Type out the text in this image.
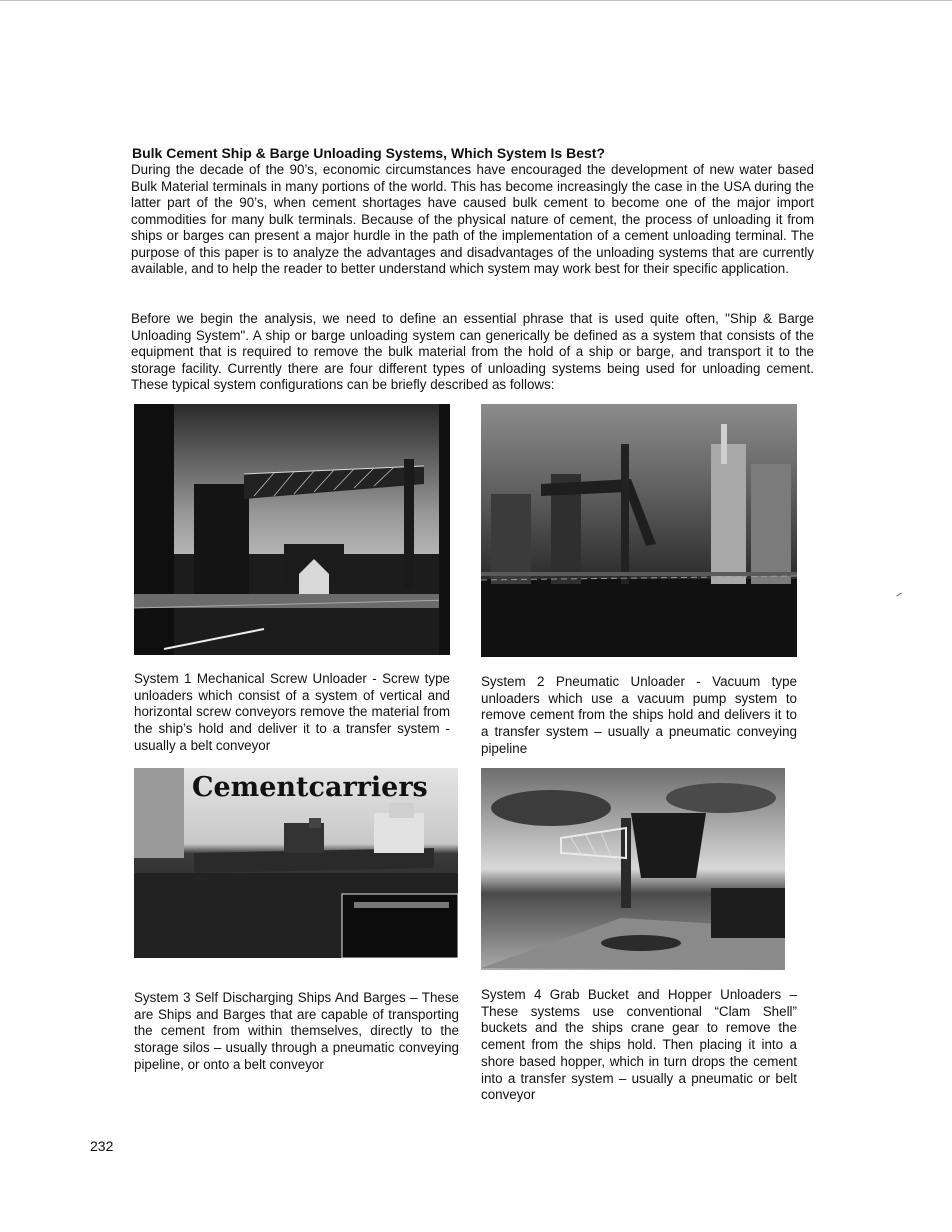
Bulk Cement Ship & Barge Unloading Systems, Which System Is Best?

During the decade of the 90’s, economic circumstances have encouraged the development of new water based Bulk Material terminals in many portions of the world. This has become increasingly the case in the USA during the latter part of the 90’s, when cement shortages have caused bulk cement to become one of the major import commodities for many bulk terminals. Because of the physical nature of cement, the process of unloading it from ships or barges can present a major hurdle in the path of the implementation of a cement unloading terminal. The purpose of this paper is to analyze the advantages and disadvantages of the unloading systems that are currently available, and to help the reader to better understand which system may work best for their specific application.

Before we begin the analysis, we need to define an essential phrase that is used quite often, "Ship & Barge Unloading System". A ship or barge unloading system can generically be defined as a system that consists of the equipment that is required to remove the bulk material from the hold of a ship or barge, and transport it to the storage facility. Currently there are four different types of unloading systems being used for unloading cement. These typical system configurations can be briefly described as follows:

Cementcarriers

System 1 Mechanical Screw Unloader - Screw type unloaders which consist of a system of vertical and horizontal screw conveyors remove the material from the ship’s hold and deliver it to a transfer system - usually a belt conveyor

System 2 Pneumatic Unloader - Vacuum type unloaders which use a vacuum pump system to remove cement from the ships hold and delivers it to a transfer system – usually a pneumatic conveying pipeline

System 3 Self Discharging Ships And Barges – These are Ships and Barges that are capable of transporting the cement from within themselves, directly to the storage silos – usually through a pneumatic conveying pipeline, or onto a belt conveyor

System 4 Grab Bucket and Hopper Unloaders – These systems use conventional “Clam Shell” buckets and the ships crane gear to remove the cement from the ships hold. Then placing it into a shore based hopper, which in turn drops the cement into a transfer system – usually a pneumatic or belt conveyor

232
